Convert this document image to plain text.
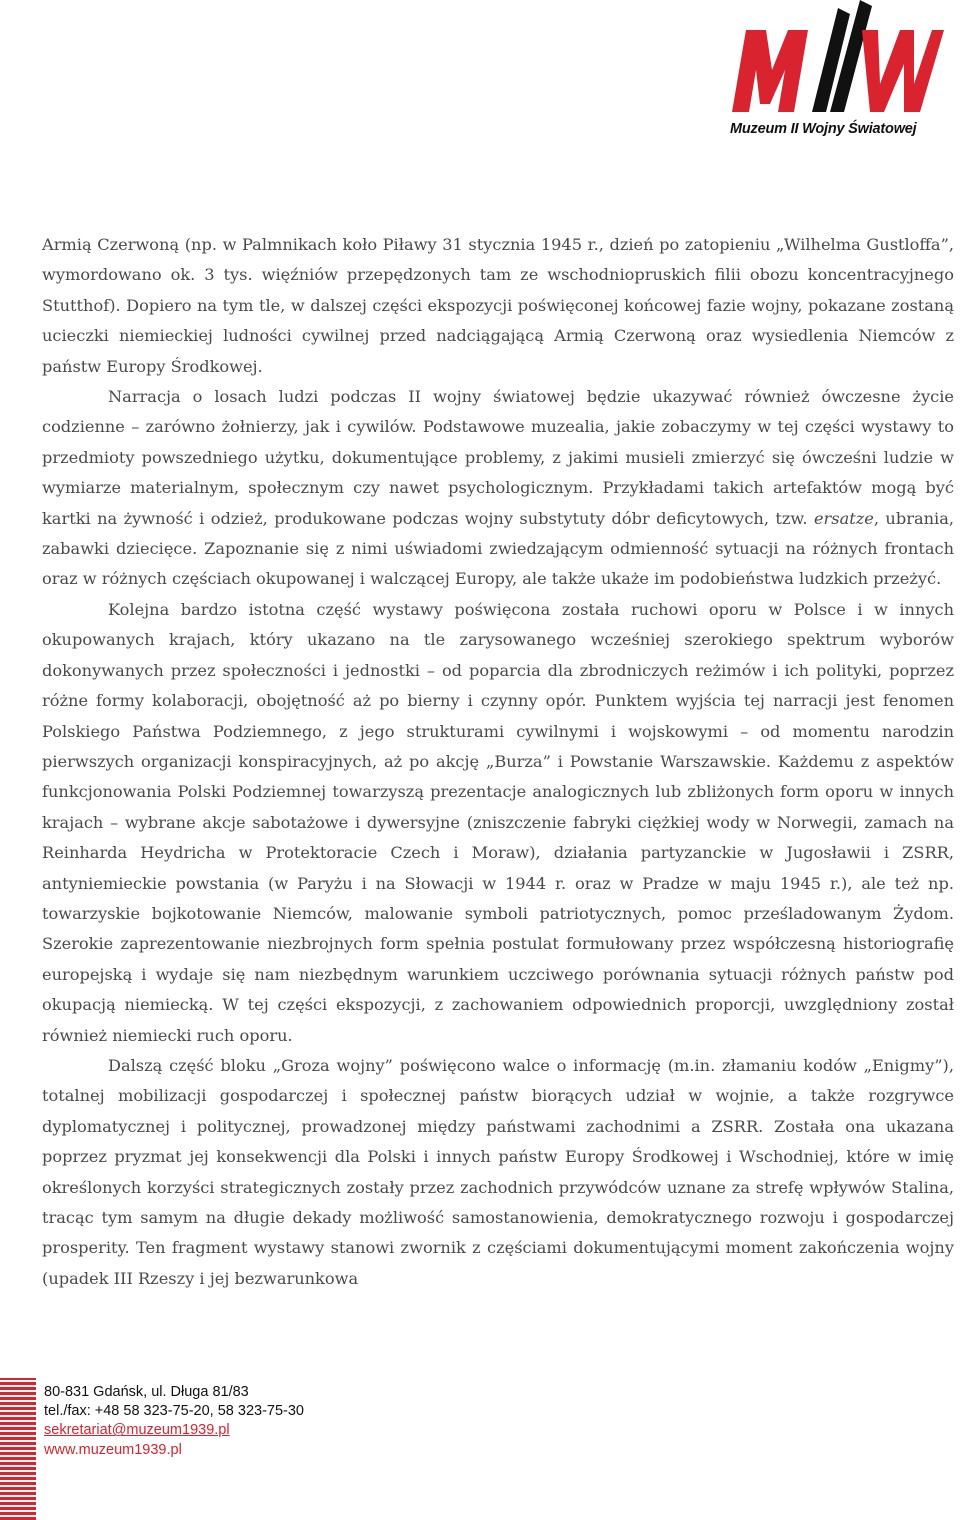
Muzeum II Wojny Światowej

Armią Czerwoną (np. w Palmnikach koło Piławy 31 stycznia 1945 r., dzień po zatopieniu „Wilhelma Gustloffa”, wymordowano ok. 3 tys. więźniów przepędzonych tam ze wschodniopruskich filii obozu koncentracyjnego Stutthof). Dopiero na tym tle, w dalszej części ekspozycji poświęconej końcowej fazie wojny, pokazane zostaną ucieczki niemieckiej ludności cywilnej przed nadciągającą Armią Czerwoną oraz wysiedlenia Niemców z państw Europy Środkowej.

Narracja o losach ludzi podczas II wojny światowej będzie ukazywać również ówczesne życie codzienne – zarówno żołnierzy, jak i cywilów. Podstawowe muzealia, jakie zobaczymy w tej części wystawy to przedmioty powszedniego użytku, dokumentujące problemy, z jakimi musieli zmierzyć się ówcześni ludzie w wymiarze materialnym, społecznym czy nawet psychologicznym. Przykładami takich artefaktów mogą być kartki na żywność i odzież, produkowane podczas wojny substytuty dóbr deficytowych, tzw. ersatze, ubrania, zabawki dziecięce. Zapoznanie się z nimi uświadomi zwiedzającym odmienność sytuacji na różnych frontach oraz w różnych częściach okupowanej i walczącej Europy, ale także ukaże im podobieństwa ludzkich przeżyć.

Kolejna bardzo istotna część wystawy poświęcona została ruchowi oporu w Polsce i w innych okupowanych krajach, który ukazano na tle zarysowanego wcześniej szerokiego spektrum wyborów dokonywanych przez społeczności i jednostki – od poparcia dla zbrodniczych reżimów i ich polityki, poprzez różne formy kolaboracji, obojętność aż po bierny i czynny opór. Punktem wyjścia tej narracji jest fenomen Polskiego Państwa Podziemnego, z jego strukturami cywilnymi i wojskowymi – od momentu narodzin pierwszych organizacji konspiracyjnych, aż po akcję „Burza” i Powstanie Warszawskie. Każdemu z aspektów funkcjonowania Polski Podziemnej towarzyszą prezentacje analogicznych lub zbliżonych form oporu w innych krajach – wybrane akcje sabotażowe i dywersyjne (zniszczenie fabryki ciężkiej wody w Norwegii, zamach na Reinharda Heydricha w Protektoracie Czech i Moraw), działania partyzanckie w Jugosławii i ZSRR, antyniemieckie powstania (w Paryżu i na Słowacji w 1944 r. oraz w Pradze w maju 1945 r.), ale też np. towarzyskie bojkotowanie Niemców, malowanie symboli patriotycznych, pomoc prześladowanym Żydom. Szerokie zaprezentowanie niezbrojnych form spełnia postulat formułowany przez współczesną historiografię europejską i wydaje się nam niezbędnym warunkiem uczciwego porównania sytuacji różnych państw pod okupacją niemiecką. W tej części ekspozycji, z zachowaniem odpowiednich proporcji, uwzględniony został również niemiecki ruch oporu.

Dalszą część bloku „Groza wojny” poświęcono walce o informację (m.in. złamaniu kodów „Enigmy”), totalnej mobilizacji gospodarczej i społecznej państw biorących udział w wojnie, a także rozgrywce dyplomatycznej i politycznej, prowadzonej między państwami zachodnimi a ZSRR. Została ona ukazana poprzez pryzmat jej konsekwencji dla Polski i innych państw Europy Środkowej i Wschodniej, które w imię określonych korzyści strategicznych zostały przez zachodnich przywódców uznane za strefę wpływów Stalina, tracąc tym samym na długie dekady możliwość samostanowienia, demokratycznego rozwoju i gospodarczej prosperity. Ten fragment wystawy stanowi zwornik z częściami dokumentującymi moment zakończenia wojny (upadek III Rzeszy i jej bezwarunkowa

80-831 Gdańsk, ul. Długa 81/83
tel./fax: +48 58 323-75-20, 58 323-75-30
sekretariat@muzeum1939.pl
www.muzeum1939.pl
